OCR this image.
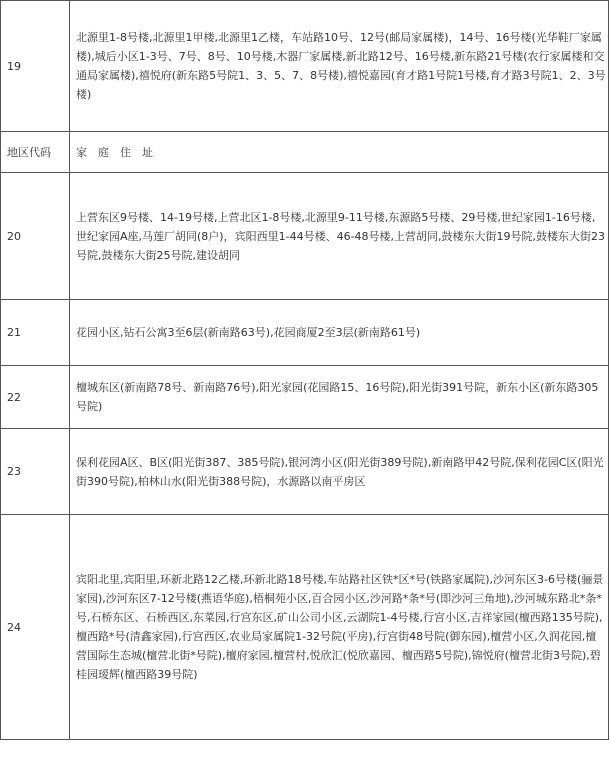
19	北源里1-8号楼,北源里1甲楼,北源里1乙楼，车站路10号、12号(邮局家属楼)，14号、16号楼(光华鞋厂家属楼),城后小区1-3号、7号、8号、10号楼,木器厂家属楼,新北路12号、16号楼,新东路21号楼(农行家属楼和交通局家属楼),禧悦府(新东路5号院1、3、5、7、8号楼),禧悦嘉园(育才路1号院1号楼,育才路3号院1、2、3号楼)
地区代码	家　庭　住　址
20	上营东区9号楼、14-19号楼,上营北区1-8号楼,北源里9-11号楼,东源路5号楼、29号楼,世纪家园1-16号楼,世纪家园A座,马莲厂胡同(8户)，宾阳西里1-44号楼、46-48号楼,上营胡同,鼓楼东大街19号院,鼓楼东大街23号院,鼓楼东大街25号院,建设胡同
21	花园小区,钻石公寓3至6层(新南路63号),花园商厦2至3层(新南路61号)
22	檀城东区(新南路78号、新南路76号),阳光家园(花园路15、16号院),阳光街391号院，新东小区(新东路305号院)
23	保利花园A区、B区(阳光街387、385号院),银河湾小区(阳光街389号院),新南路甲42号院,保利花园C区(阳光街390号院),柏林山水(阳光街388号院)，水源路以南平房区
24	宾阳北里,宾阳里,环新北路12乙楼,环新北路18号楼,车站路社区铁*区*号(铁路家属院),沙河东区3-6号楼(骊景家园),沙河东区7-12号楼(燕语华庭),梧桐苑小区,百合园小区,沙河路*条*号(即沙河三角地),沙河城东路北*条*号,石桥东区、石桥西区,东菜园,行宫东区,矿山公司小区,云湖院1-4号楼,行宫小区,吉祥家园(檀西路135号院),檀西路*号(清鑫家园),行宫西区,农业局家属院1-32号院(平房),行宫街48号院(御东园),檀营小区,久润花园,檀营国际生态城(檀营北街*号院),檀府家园,檀营村,悦欣汇(悦欣嘉园、檀西路5号院),锦悦府(檀营北街3号院),碧桂园瑷辉(檀西路39号院)
